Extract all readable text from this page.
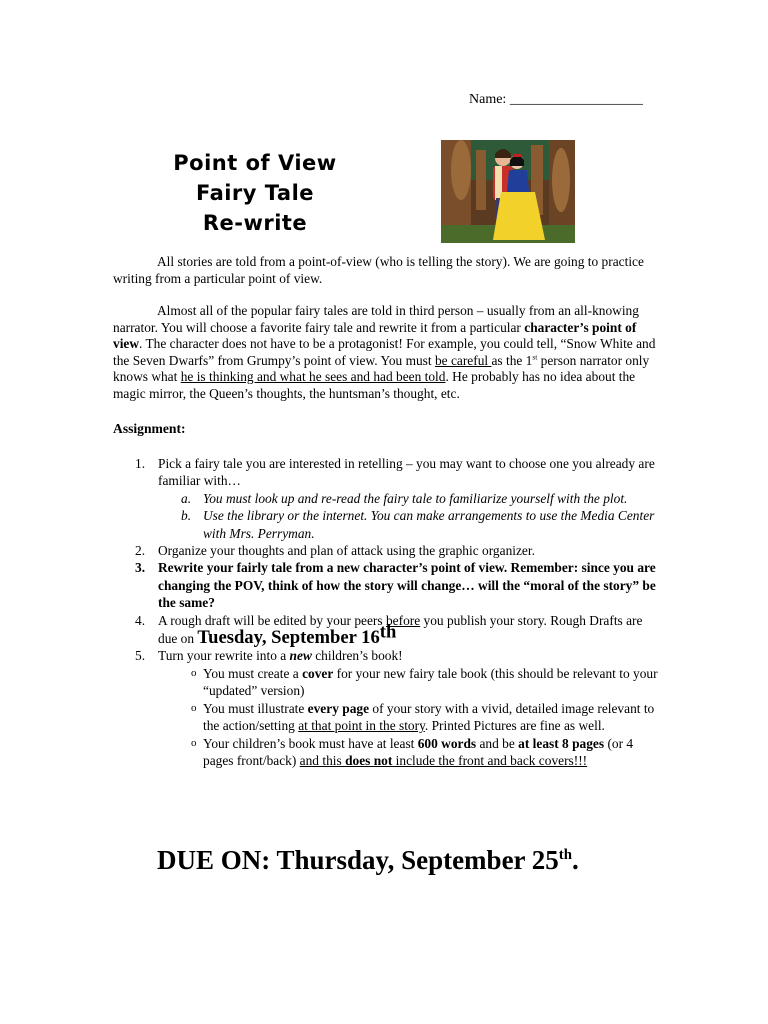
Name: ___________________
Point of View
Fairy Tale
Re-write

All stories are told from a point-of-view (who is telling the story). We are going to practice writing from a particular point of view.

Almost all of the popular fairy tales are told in third person – usually from an all-knowing narrator. You will choose a favorite fairy tale and rewrite it from a particular character’s point of view. The character does not have to be a protagonist! For example, you could tell, “Snow White and the Seven Dwarfs” from Grumpy’s point of view. You must be careful as the 1st person narrator only knows what he is thinking and what he sees and had been told. He probably has no idea about the magic mirror, the Queen’s thoughts, the huntsman’s thought, etc.

Assignment:
1. Pick a fairy tale you are interested in retelling – you may want to choose one you already are familiar with…
a. You must look up and re-read the fairy tale to familiarize yourself with the plot.
b. Use the library or the internet. You can make arrangements to use the Media Center with Mrs. Perryman.
2. Organize your thoughts and plan of attack using the graphic organizer.
3. Rewrite your fairly tale from a new character’s point of view. Remember: since you are changing the POV, think of how the story will change… will the “moral of the story” be the same?
4. A rough draft will be edited by your peers before you publish your story. Rough Drafts are due on Tuesday, September 16th
5. Turn your rewrite into a new children’s book!
o You must create a cover for your new fairy tale book (this should be relevant to your “updated” version)
o You must illustrate every page of your story with a vivid, detailed image relevant to the action/setting at that point in the story. Printed Pictures are fine as well.
o Your children’s book must have at least 600 words and be at least 8 pages (or 4 pages front/back) and this does not include the front and back covers!!!
DUE ON: Thursday, September 25th.
